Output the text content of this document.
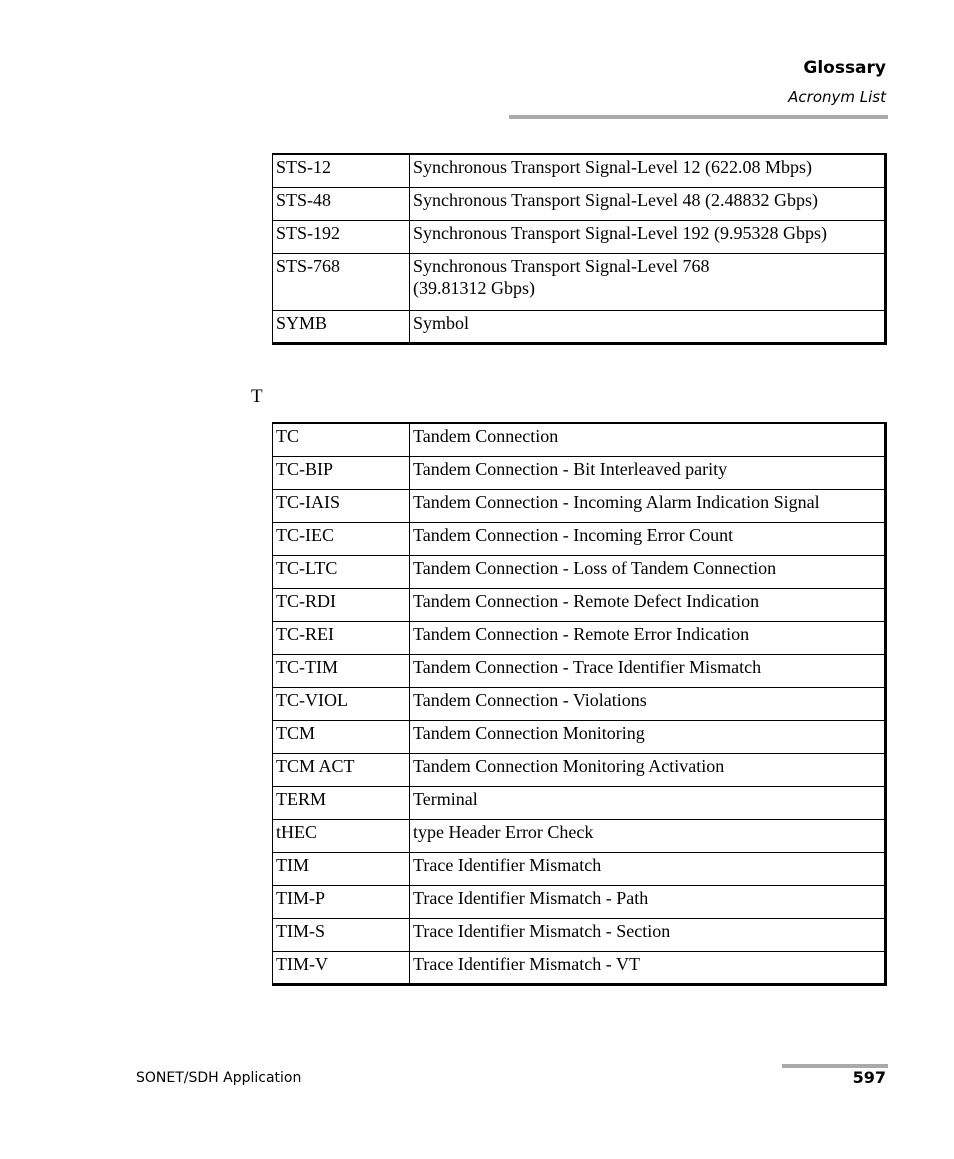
Glossary
Acronym List
STS-12	Synchronous Transport Signal-Level 12 (622.08 Mbps)
STS-48	Synchronous Transport Signal-Level 48 (2.48832 Gbps)
STS-192	Synchronous Transport Signal-Level 192 (9.95328 Gbps)
STS-768	Synchronous Transport Signal-Level 768
(39.81312 Gbps)
SYMB	Symbol
T
TC	Tandem Connection
TC-BIP	Tandem Connection - Bit Interleaved parity
TC-IAIS	Tandem Connection - Incoming Alarm Indication Signal
TC-IEC	Tandem Connection - Incoming Error Count
TC-LTC	Tandem Connection - Loss of Tandem Connection
TC-RDI	Tandem Connection - Remote Defect Indication
TC-REI	Tandem Connection - Remote Error Indication
TC-TIM	Tandem Connection - Trace Identifier Mismatch
TC-VIOL	Tandem Connection - Violations
TCM	Tandem Connection Monitoring
TCM ACT	Tandem Connection Monitoring Activation
TERM	Terminal
tHEC	type Header Error Check
TIM	Trace Identifier Mismatch
TIM-P	Trace Identifier Mismatch - Path
TIM-S	Trace Identifier Mismatch - Section
TIM-V	Trace Identifier Mismatch - VT
SONET/SDH Application	597
